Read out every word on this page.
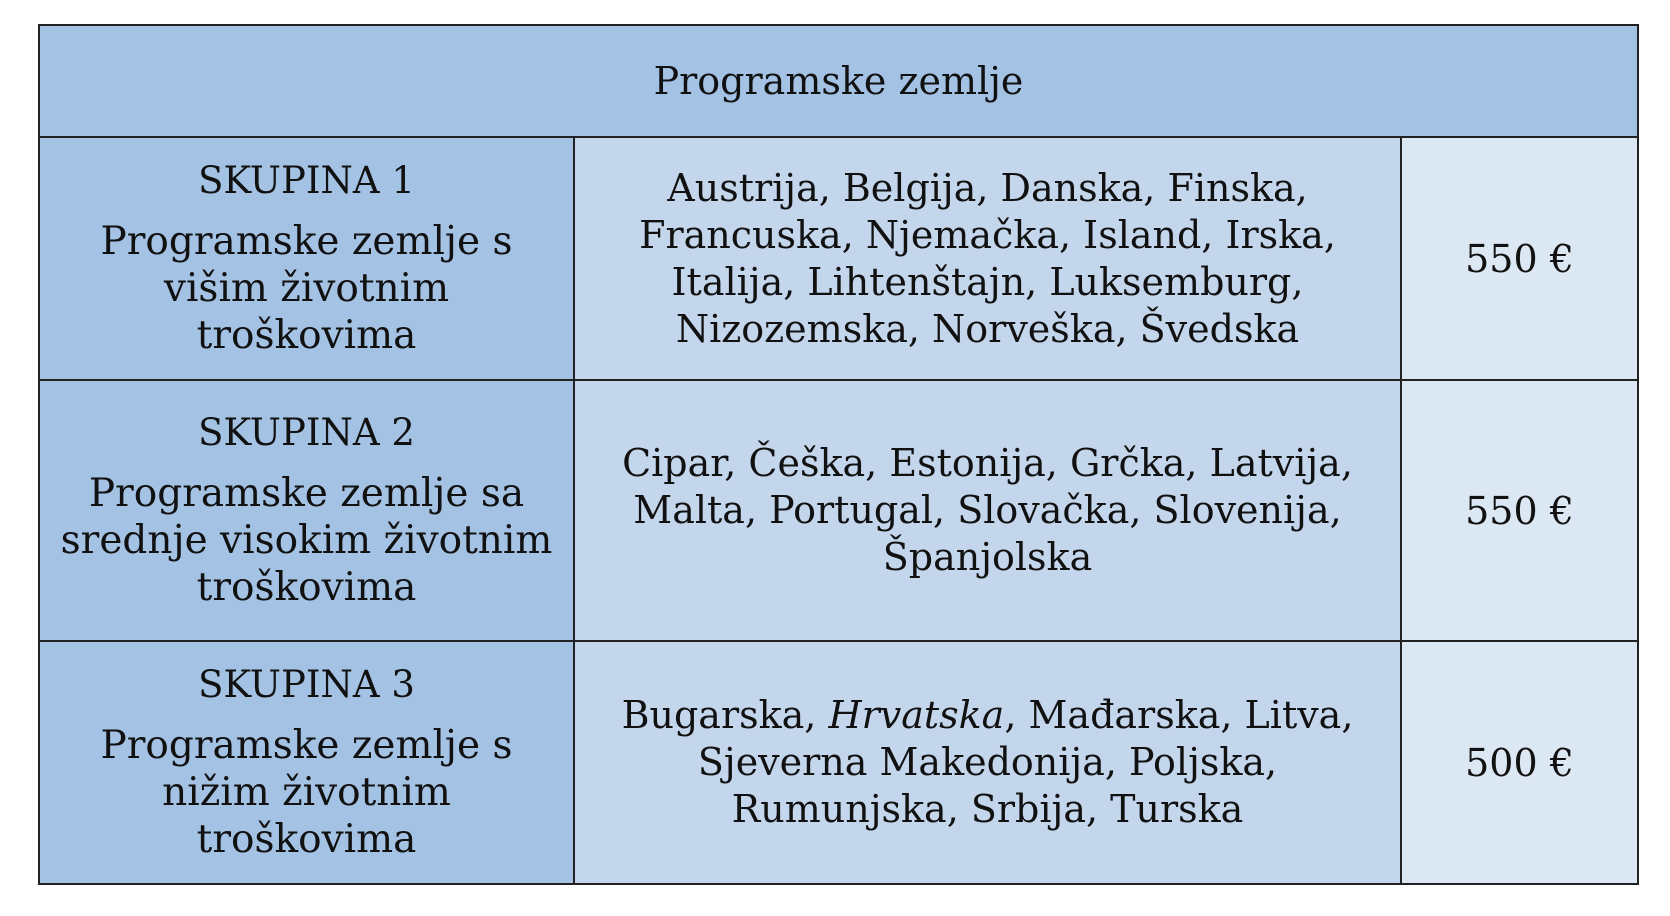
Programske zemlje
SKUPINA 1
Programske zemlje s višim životnim troškovima
Austrija, Belgija, Danska, Finska, Francuska, Njemačka, Island, Irska, Italija, Lihtenštajn, Luksemburg, Nizozemska, Norveška, Švedska
550 €
SKUPINA 2
Programske zemlje sa srednje visokim životnim troškovima
Cipar, Češka, Estonija, Grčka, Latvija, Malta, Portugal, Slovačka, Slovenija, Španjolska
550 €
SKUPINA 3
Programske zemlje s nižim životnim troškovima
Bugarska, Hrvatska, Mađarska, Litva, Sjeverna Makedonija, Poljska, Rumunjska, Srbija, Turska
500 €
